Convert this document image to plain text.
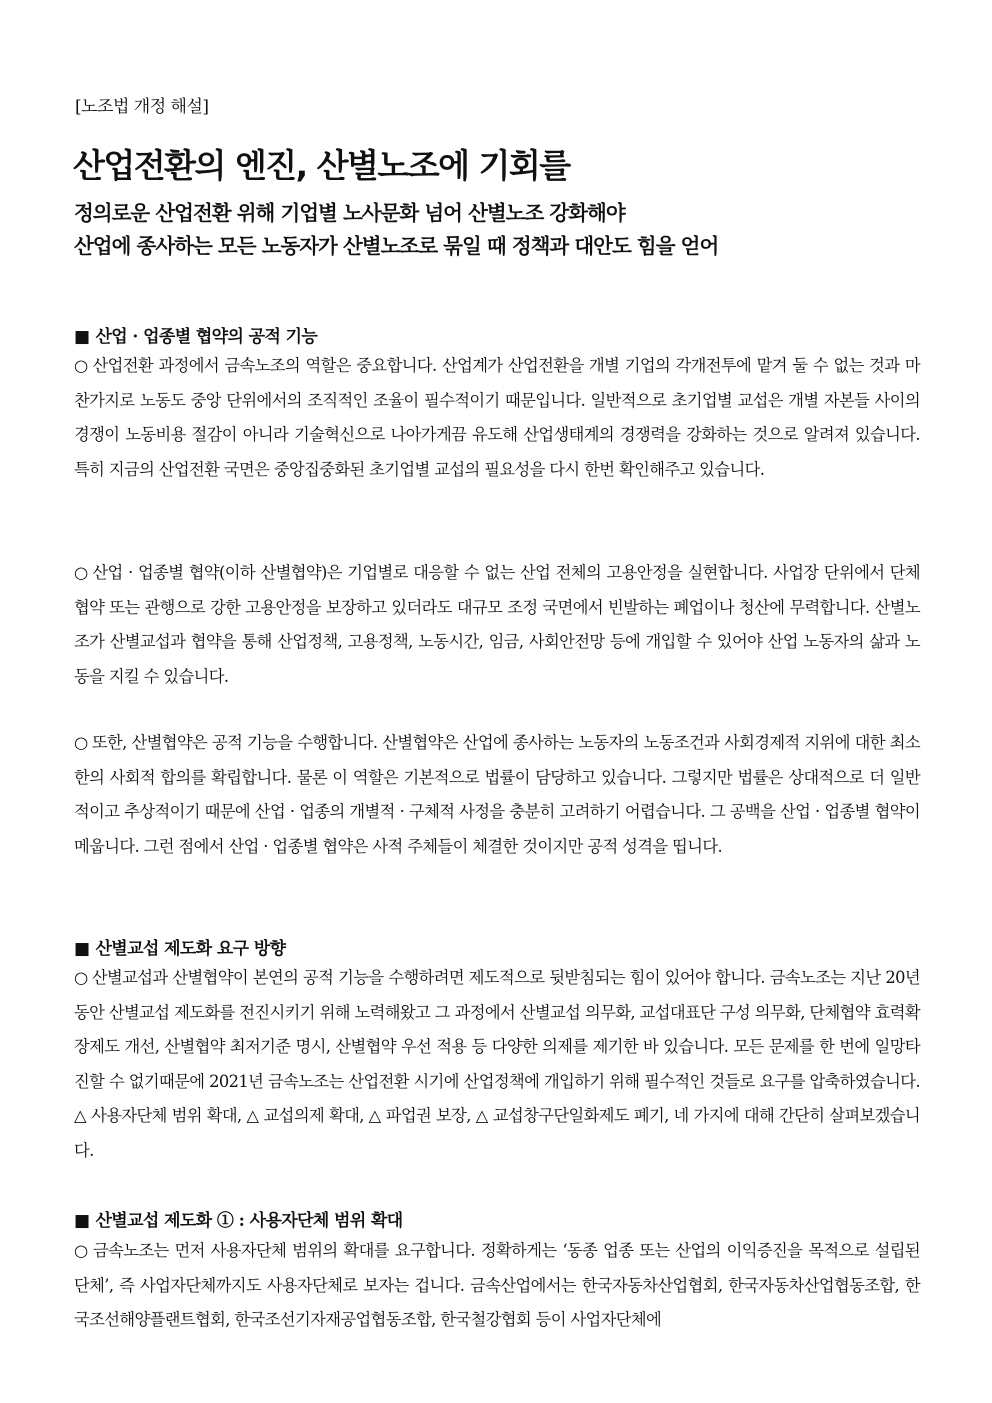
[노조법 개정 해설]
산업전환의 엔진, 산별노조에 기회를
정의로운 산업전환 위해 기업별 노사문화 넘어 산별노조 강화해야
산업에 종사하는 모든 노동자가 산별노조로 묶일 때 정책과 대안도 힘을 얻어
■ 산업 · 업종별 협약의 공적 기능

○ 산업전환 과정에서 금속노조의 역할은 중요합니다. 산업계가 산업전환을 개별 기업의 각개전투에 맡겨 둘 수 없는 것과 마찬가지로 노동도 중앙 단위에서의 조직적인 조율이 필수적이기 때문입니다. 일반적으로 초기업별 교섭은 개별 자본들 사이의 경쟁이 노동비용 절감이 아니라 기술혁신으로 나아가게끔 유도해 산업생태계의 경쟁력을 강화하는 것으로 알려져 있습니다. 특히 지금의 산업전환 국면은 중앙집중화된 초기업별 교섭의 필요성을 다시 한번 확인해주고 있습니다.

○ 산업 · 업종별 협약(이하 산별협약)은 기업별로 대응할 수 없는 산업 전체의 고용안정을 실현합니다. 사업장 단위에서 단체협약 또는 관행으로 강한 고용안정을 보장하고 있더라도 대규모 조정 국면에서 빈발하는 폐업이나 청산에 무력합니다. 산별노조가 산별교섭과 협약을 통해 산업정책, 고용정책, 노동시간, 임금, 사회안전망 등에 개입할 수 있어야 산업 노동자의 삶과 노동을 지킬 수 있습니다.

○ 또한, 산별협약은 공적 기능을 수행합니다. 산별협약은 산업에 종사하는 노동자의 노동조건과 사회경제적 지위에 대한 최소한의 사회적 합의를 확립합니다. 물론 이 역할은 기본적으로 법률이 담당하고 있습니다. 그렇지만 법률은 상대적으로 더 일반적이고 추상적이기 때문에 산업 · 업종의 개별적 · 구체적 사정을 충분히 고려하기 어렵습니다. 그 공백을 산업 · 업종별 협약이 메웁니다. 그런 점에서 산업 · 업종별 협약은 사적 주체들이 체결한 것이지만 공적 성격을 띱니다.

■ 산별교섭 제도화 요구 방향

○ 산별교섭과 산별협약이 본연의 공적 기능을 수행하려면 제도적으로 뒷받침되는 힘이 있어야 합니다. 금속노조는 지난 20년 동안 산별교섭 제도화를 전진시키기 위해 노력해왔고 그 과정에서 산별교섭 의무화, 교섭대표단 구성 의무화, 단체협약 효력확장제도 개선, 산별협약 최저기준 명시, 산별협약 우선 적용 등 다양한 의제를 제기한 바 있습니다. 모든 문제를 한 번에 일망타진할 수 없기때문에 2021년 금속노조는 산업전환 시기에 산업정책에 개입하기 위해 필수적인 것들로 요구를 압축하였습니다. △ 사용자단체 범위 확대, △ 교섭의제 확대, △ 파업권 보장, △ 교섭창구단일화제도 폐기, 네 가지에 대해 간단히 살펴보겠습니다.

■ 산별교섭 제도화 ① : 사용자단체 범위 확대

○ 금속노조는 먼저 사용자단체 범위의 확대를 요구합니다. 정확하게는 ‘동종 업종 또는 산업의 이익증진을 목적으로 설립된 단체’, 즉 사업자단체까지도 사용자단체로 보자는 겁니다. 금속산업에서는 한국자동차산업협회, 한국자동차산업협동조합, 한국조선해양플랜트협회, 한국조선기자재공업협동조합, 한국철강협회 등이 사업자단체에
